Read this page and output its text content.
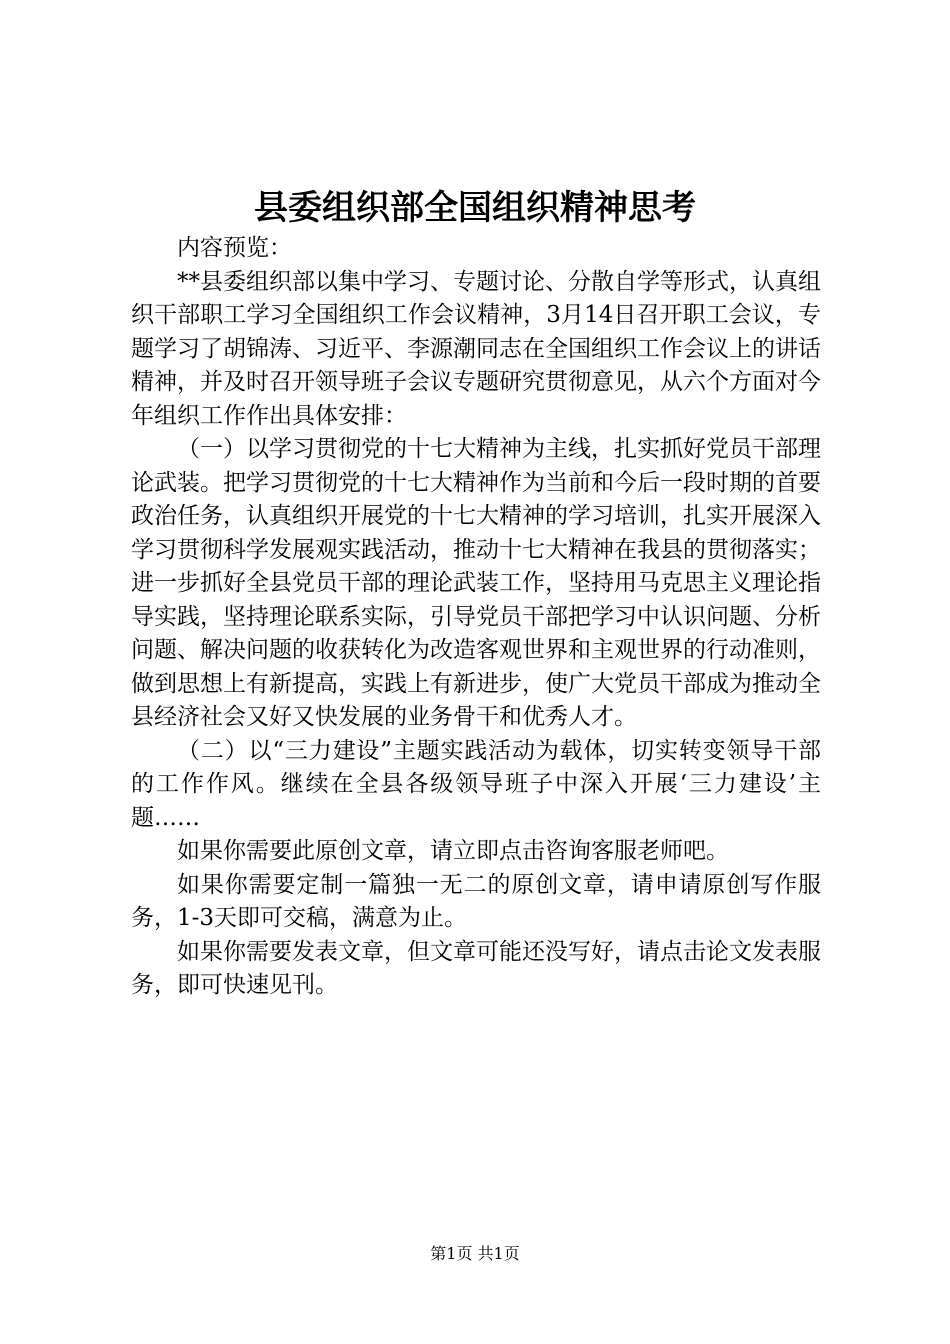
县委组织部全国组织精神思考

内容预览：

**县委组织部以集中学习、专题讨论、分散自学等形式，认真组织干部职工学习全国组织工作会议精神，3月14日召开职工会议，专题学习了胡锦涛、习近平、李源潮同志在全国组织工作会议上的讲话精神，并及时召开领导班子会议专题研究贯彻意见，从六个方面对今年组织工作作出具体安排：

（一）以学习贯彻党的十七大精神为主线，扎实抓好党员干部理论武装。把学习贯彻党的十七大精神作为当前和今后一段时期的首要政治任务，认真组织开展党的十七大精神的学习培训，扎实开展深入学习贯彻科学发展观实践活动，推动十七大精神在我县的贯彻落实；进一步抓好全县党员干部的理论武装工作，坚持用马克思主义理论指导实践，坚持理论联系实际，引导党员干部把学习中认识问题、分析问题、解决问题的收获转化为改造客观世界和主观世界的行动准则，做到思想上有新提高，实践上有新进步，使广大党员干部成为推动全县经济社会又好又快发展的业务骨干和优秀人才。

（二）以“三力建设”主题实践活动为载体，切实转变领导干部的工作作风。继续在全县各级领导班子中深入开展‘三力建设’主题……

如果你需要此原创文章，请立即点击咨询客服老师吧。

如果你需要定制一篇独一无二的原创文章，请申请原创写作服务，1-3天即可交稿，满意为止。

如果你需要发表文章，但文章可能还没写好，请点击论文发表服务，即可快速见刊。

第1页 共1页
